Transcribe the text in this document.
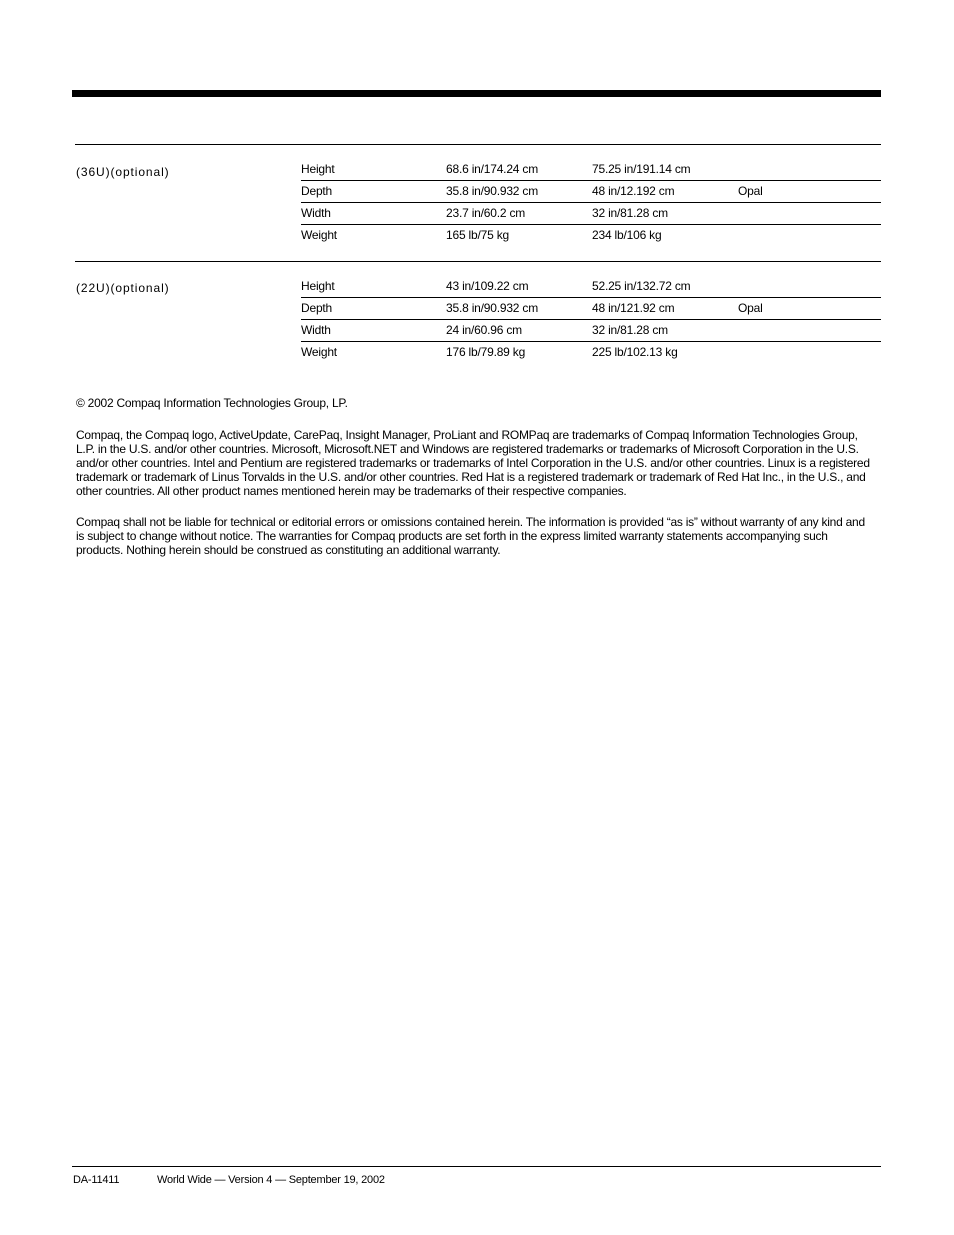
(36U)(optional)	Height	68.6 in/174.24 cm	75.25 in/191.14 cm
Depth	35.8 in/90.932 cm	48 in/12.192 cm	Opal
Width	23.7 in/60.2 cm	32 in/81.28 cm
Weight	165 lb/75 kg	234 lb/106 kg
(22U)(optional)	Height	43 in/109.22 cm	52.25 in/132.72 cm
Depth	35.8 in/90.932 cm	48 in/121.92 cm	Opal
Width	24 in/60.96 cm	32 in/81.28 cm
Weight	176 lb/79.89 kg	225 lb/102.13 kg
© 2002 Compaq Information Technologies Group, LP.
Compaq, the Compaq logo, ActiveUpdate, CarePaq, Insight Manager, ProLiant and ROMPaq are trademarks of Compaq Information Technologies Group,
L.P. in the U.S. and/or other countries. Microsoft, Microsoft.NET and Windows are registered trademarks or trademarks of Microsoft Corporation in the U.S.
and/or other countries. Intel and Pentium are registered trademarks or trademarks of Intel Corporation in the U.S. and/or other countries. Linux is a registered
trademark or trademark of Linus Torvalds in the U.S. and/or other countries. Red Hat is a registered trademark or trademark of Red Hat Inc., in the U.S., and
other countries. All other product names mentioned herein may be trademarks of their respective companies.
Compaq shall not be liable for technical or editorial errors or omissions contained herein. The information is provided “as is” without warranty of any kind and
is subject to change without notice. The warranties for Compaq products are set forth in the express limited warranty statements accompanying such
products. Nothing herein should be construed as constituting an additional warranty.
DA-11411	World Wide — Version 4 — September 19, 2002
